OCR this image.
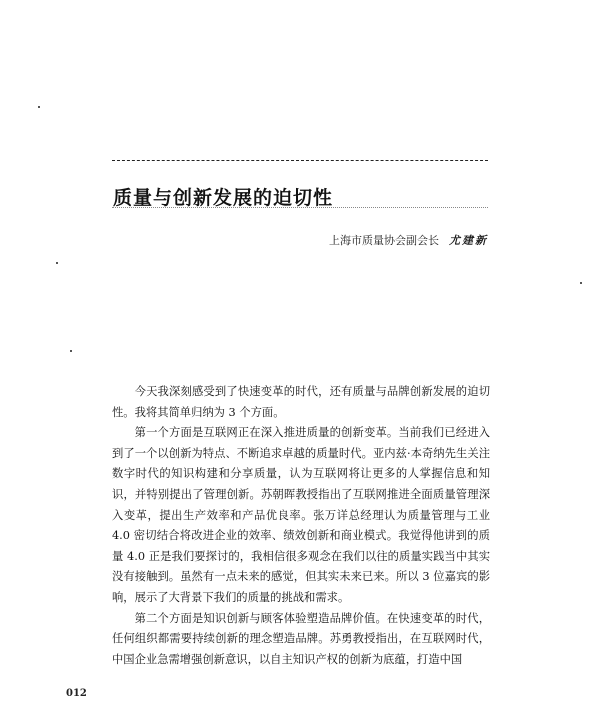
质量与创新发展的迫切性
上海市质量协会副会长 尤建新

今天我深刻感受到了快速变革的时代，还有质量与品牌创新发展的迫切性。我将其简单归纳为 3 个方面。

第一个方面是互联网正在深入推进质量的创新变革。当前我们已经进入到了一个以创新为特点、不断追求卓越的质量时代。亚内兹·本奇纳先生关注数字时代的知识构建和分享质量，认为互联网将让更多的人掌握信息和知识，并特别提出了管理创新。苏朝晖教授指出了互联网推进全面质量管理深入变革，提出生产效率和产品优良率。张万详总经理认为质量管理与工业 4.0 密切结合将改进企业的效率、绩效创新和商业模式。我觉得他讲到的质量 4.0 正是我们要探讨的，我相信很多观念在我们以往的质量实践当中其实没有接触到。虽然有一点未来的感觉，但其实未来已来。所以 3 位嘉宾的影响，展示了大背景下我们的质量的挑战和需求。

第二个方面是知识创新与顾客体验塑造品牌价值。在快速变革的时代，任何组织都需要持续创新的理念塑造品牌。苏勇教授指出，在互联网时代，中国企业急需增强创新意识，以自主知识产权的创新为底蕴，打造中国

012
